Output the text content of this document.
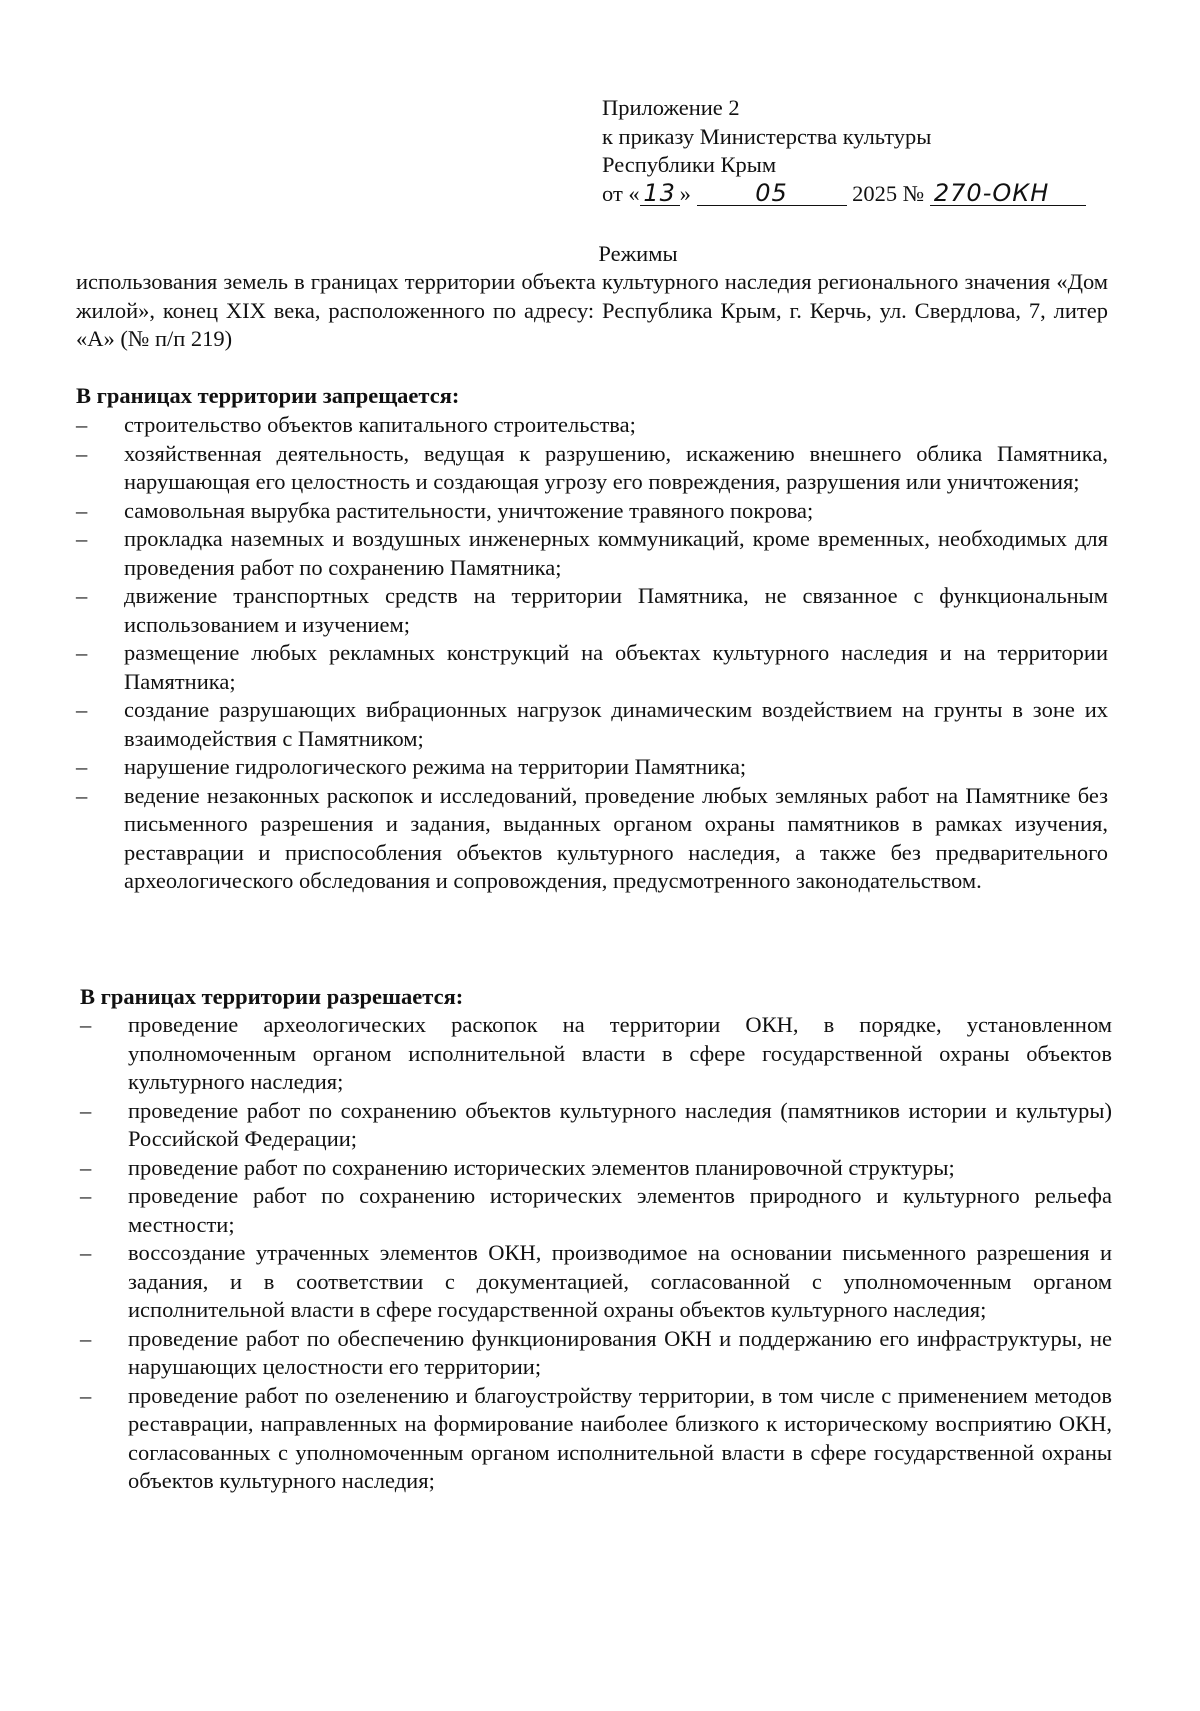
Приложение 2
к приказу Министерства культуры
Республики Крым
от « 13 »	05	2025 № 270-ОКН
Режимы
использования земель в границах территории объекта культурного наследия регионального значения «Дом жилой», конец XIX века, расположенного по адресу: Республика Крым, г. Керчь, ул. Свердлова, 7, литер «А» (№ п/п 219)
В границах территории запрещается:
–	строительство объектов капитального строительства;
–	хозяйственная деятельность, ведущая к разрушению, искажению внешнего облика Памятника, нарушающая его целостность и создающая угрозу его повреждения, разрушения или уничтожения;
–	самовольная вырубка растительности, уничтожение травяного покрова;
–	прокладка наземных и воздушных инженерных коммуникаций, кроме временных, необходимых для проведения работ по сохранению Памятника;
–	движение транспортных средств на территории Памятника, не связанное с функциональным использованием и изучением;
–	размещение любых рекламных конструкций на объектах культурного наследия и на территории Памятника;
–	создание разрушающих вибрационных нагрузок динамическим воздействием на грунты в зоне их взаимодействия с Памятником;
–	нарушение гидрологического режима на территории Памятника;
–	ведение незаконных раскопок и исследований, проведение любых земляных работ на Памятнике без письменного разрешения и задания, выданных органом охраны памятников в рамках изучения, реставрации и приспособления объектов культурного наследия, а также без предварительного археологического обследования и сопровождения, предусмотренного законодательством.
В границах территории разрешается:
–	проведение археологических раскопок на территории ОКН, в порядке, установленном уполномоченным органом исполнительной власти в сфере государственной охраны объектов культурного наследия;
–	проведение работ по сохранению объектов культурного наследия (памятников истории и культуры) Российской Федерации;
–	проведение работ по сохранению исторических элементов планировочной структуры;
–	проведение работ по сохранению исторических элементов природного и культурного рельефа местности;
–	воссоздание утраченных элементов ОКН, производимое на основании письменного разрешения и задания, и в соответствии с документацией, согласованной с уполномоченным органом исполнительной власти в сфере государственной охраны объектов культурного наследия;
–	проведение работ по обеспечению функционирования ОКН и поддержанию его инфраструктуры, не нарушающих целостности его территории;
–	проведение работ по озеленению и благоустройству территории, в том числе с применением методов реставрации, направленных на формирование наиболее близкого к историческому восприятию ОКН, согласованных с уполномоченным органом исполнительной власти в сфере государственной охраны объектов культурного наследия;
